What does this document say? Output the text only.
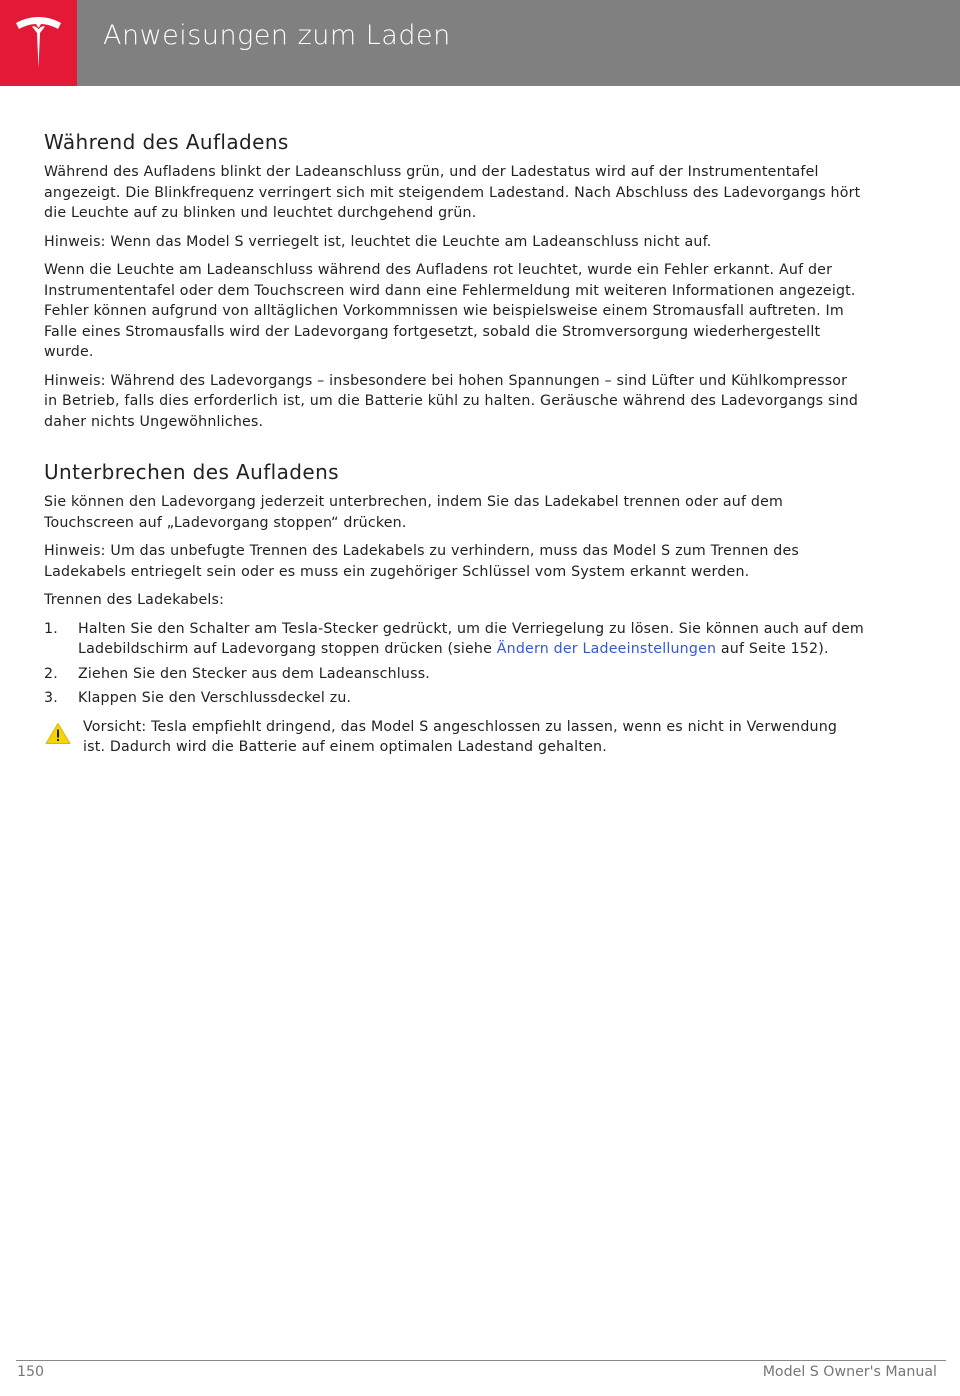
Anweisungen zum Laden
Während des Aufladens

Während des Aufladens blinkt der Ladeanschluss grün, und der Ladestatus wird auf der Instrumententafel angezeigt. Die Blinkfrequenz verringert sich mit steigendem Ladestand. Nach Abschluss des Ladevorgangs hört die Leuchte auf zu blinken und leuchtet durchgehend grün.

Hinweis: Wenn das Model S verriegelt ist, leuchtet die Leuchte am Ladeanschluss nicht auf.

Wenn die Leuchte am Ladeanschluss während des Aufladens rot leuchtet, wurde ein Fehler erkannt. Auf der Instrumententafel oder dem Touchscreen wird dann eine Fehlermeldung mit weiteren Informationen angezeigt. Fehler können aufgrund von alltäglichen Vorkommnissen wie beispielsweise einem Stromausfall auftreten. Im Falle eines Stromausfalls wird der Ladevorgang fortgesetzt, sobald die Stromversorgung wiederhergestellt wurde.

Hinweis: Während des Ladevorgangs – insbesondere bei hohen Spannungen – sind Lüfter und Kühlkompressor in Betrieb, falls dies erforderlich ist, um die Batterie kühl zu halten. Geräusche während des Ladevorgangs sind daher nichts Ungewöhnliches.

Unterbrechen des Aufladens

Sie können den Ladevorgang jederzeit unterbrechen, indem Sie das Ladekabel trennen oder auf dem Touchscreen auf „Ladevorgang stoppen“ drücken.

Hinweis: Um das unbefugte Trennen des Ladekabels zu verhindern, muss das Model S zum Trennen des Ladekabels entriegelt sein oder es muss ein zugehöriger Schlüssel vom System erkannt werden.

Trennen des Ladekabels:

1. Halten Sie den Schalter am Tesla-Stecker gedrückt, um die Verriegelung zu lösen. Sie können auch auf dem Ladebildschirm auf Ladevorgang stoppen drücken (siehe Ändern der Ladeeinstellungen auf Seite 152).
2. Ziehen Sie den Stecker aus dem Ladeanschluss.
3. Klappen Sie den Verschlussdeckel zu.
Vorsicht: Tesla empfiehlt dringend, das Model S angeschlossen zu lassen, wenn es nicht in Verwendung ist. Dadurch wird die Batterie auf einem optimalen Ladestand gehalten.
150	Model S Owner's Manual
